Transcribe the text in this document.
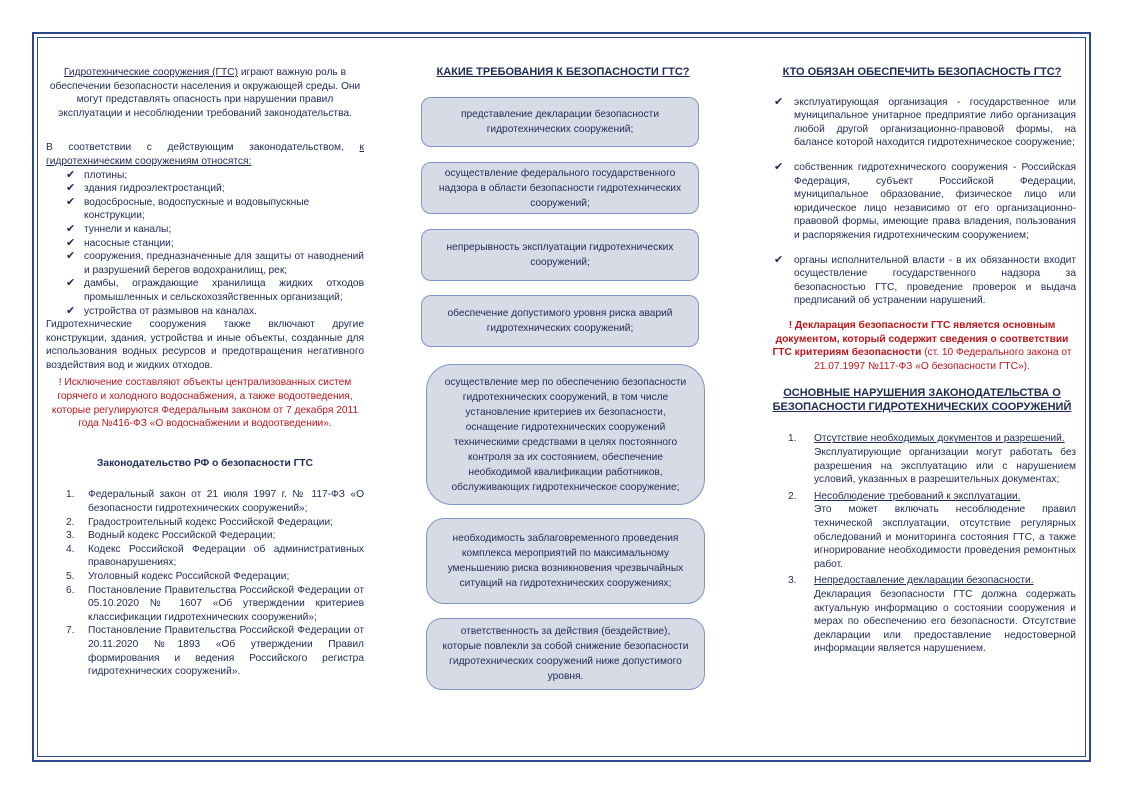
Гидротехнические сооружения (ГТС) играют важную роль в обеспечении безопасности населения и окружающей среды. Они могут представлять опасность при нарушении правил эксплуатации и несоблюдении требований законодательства.

В соответствии с действующим законодательством, к гидротехническим сооружениям относятся:

✔ плотины;
✔ здания гидроэлектростанций;
✔ водосбросные, водоспускные и водовыпускные конструкции;
✔ туннели и каналы;
✔ насосные станции;
✔ сооружения, предназначенные для защиты от наводнений и разрушений берегов водохранилищ, рек;
✔ дамбы, ограждающие хранилища жидких отходов промышленных и сельскохозяйственных организаций;
✔ устройства от размывов на каналах.

Гидротехнические сооружения также включают другие конструкции, здания, устройства и иные объекты, созданные для использования водных ресурсов и предотвращения негативного воздействия вод и жидких отходов.

! Исключение составляют объекты централизованных систем горячего и холодного водоснабжения, а также водоотведения, которые регулируются Федеральным законом от 7 декабря 2011 года №416-ФЗ «О водоснабжении и водоотведении».

Законодательство РФ о безопасности ГТС

1. Федеральный закон от 21 июля 1997 г. № 117-ФЗ «О безопасности гидротехнических сооружений»;
2. Градостроительный кодекс Российской Федерации;
3. Водный кодекс Российской Федерации;
4. Кодекс Российской Федерации об административных правонарушениях;
5. Уголовный кодекс Российской Федерации;
6. Постановление Правительства Российской Федерации от 05.10.2020 № 1607 «Об утверждении критериев классификации гидротехнических сооружений»;
7. Постановление Правительства Российской Федерации от 20.11.2020 №1893 «Об утверждении Правил формирования и ведения Российского регистра гидротехнических сооружений».

КАКИЕ ТРЕБОВАНИЯ К БЕЗОПАСНОСТИ ГТС?

представление декларации безопасности гидротехнических сооружений;
осуществление федерального государственного надзора в области безопасности гидротехнических сооружений;
непрерывность эксплуатации гидротехнических сооружений;
обеспечение допустимого уровня риска аварий гидротехнических сооружений;
осуществление мер по обеспечению безопасности гидротехнических сооружений, в том числе установление критериев их безопасности, оснащение гидротехнических сооружений техническими средствами в целях постоянного контроля за их состоянием, обеспечение необходимой квалификации работников, обслуживающих гидротехническое сооружение;
необходимость заблаговременного проведения комплекса мероприятий по максимальному уменьшению риска возникновения чрезвычайных ситуаций на гидротехнических сооружениях;
ответственность за действия (бездействие), которые повлекли за собой снижение безопасности гидротехнических сооружений ниже допустимого уровня.

КТО ОБЯЗАН ОБЕСПЕЧИТЬ БЕЗОПАСНОСТЬ ГТС?

✔ эксплуатирующая организация - государственное или муниципальное унитарное предприятие либо организация любой другой организационно-правовой формы, на балансе которой находится гидротехническое сооружение;
✔ собственник гидротехнического сооружения - Российская Федерация, субъект Российской Федерации, муниципальное образование, физическое лицо или юридическое лицо независимо от его организационно-правовой формы, имеющие права владения, пользования и распоряжения гидротехническим сооружением;
✔ органы исполнительной власти - в их обязанности входит осуществление государственного надзора за безопасностью ГТС, проведение проверок и выдача предписаний об устранении нарушений.

! Декларация безопасности ГТС является основным документом, который содержит сведения о соответствии ГТС критериям безопасности (ст. 10 Федерального закона от 21.07.1997 №117-ФЗ «О безопасности ГТС»).

ОСНОВНЫЕ НАРУШЕНИЯ ЗАКОНОДАТЕЛЬСТВА О БЕЗОПАСНОСТИ ГИДРОТЕХНИЧЕСКИХ СООРУЖЕНИЙ

1. Отсутствие необходимых документов и разрешений.
Эксплуатирующие организации могут работать без разрешения на эксплуатацию или с нарушением условий, указанных в разрешительных документах;
2. Несоблюдение требований к эксплуатации.
Это может включать несоблюдение правил технической эксплуатации, отсутствие регулярных обследований и мониторинга состояния ГТС, а также игнорирование необходимости проведения ремонтных работ.
3. Непредоставление декларации безопасности.
Декларация безопасности ГТС должна содержать актуальную информацию о состоянии сооружения и мерах по обеспечению его безопасности. Отсутствие декларации или предоставление недостоверной информации является нарушением.
